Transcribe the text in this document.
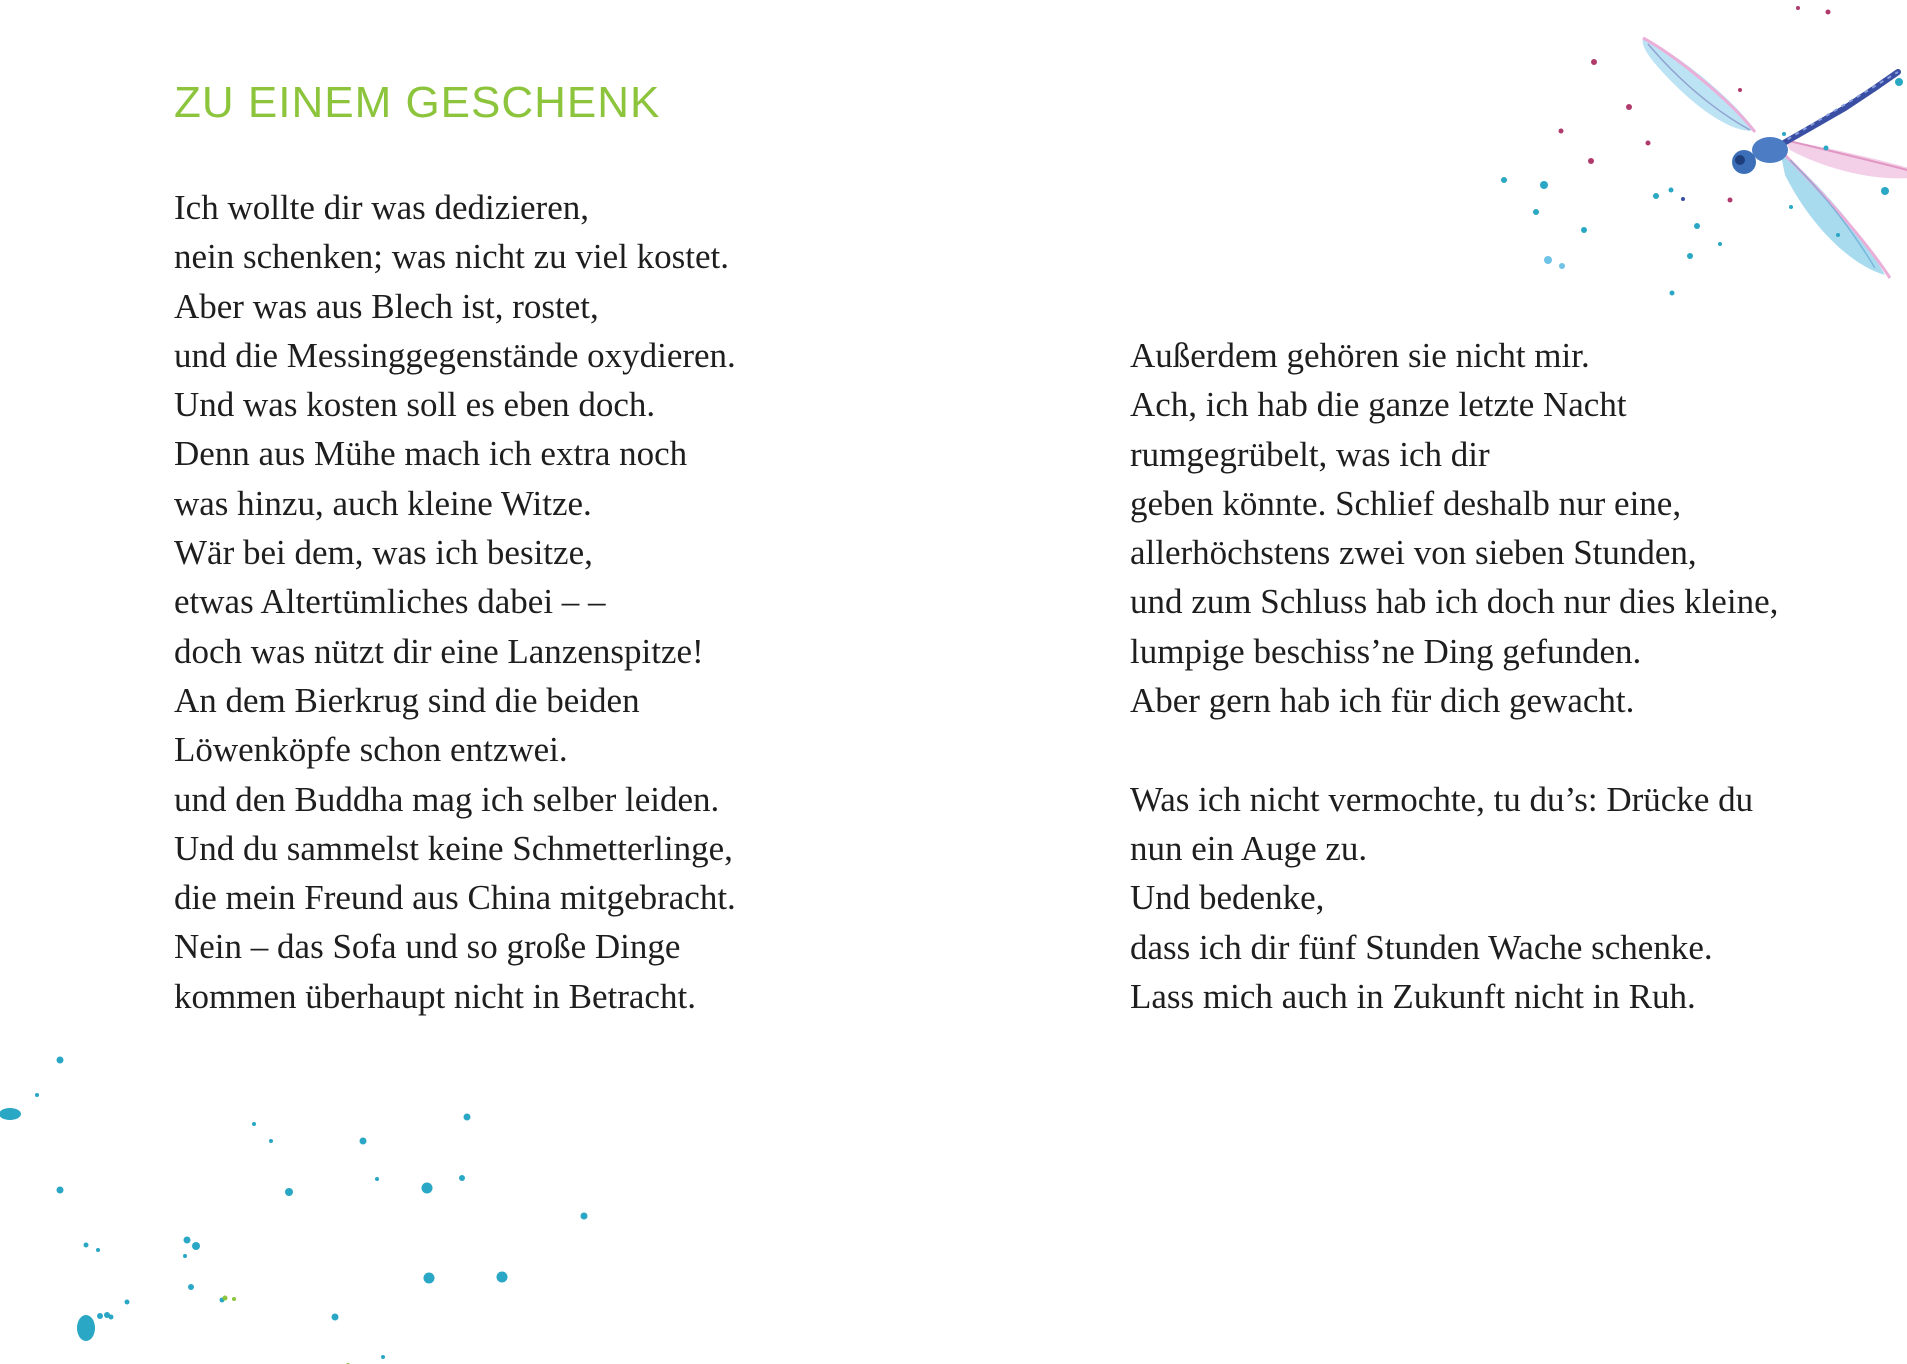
ZU EINEM GESCHENK
Ich wollte dir was dedizieren,
nein schenken; was nicht zu viel kostet.
Aber was aus Blech ist, rostet,
und die Messinggegenstände oxydieren.
Und was kosten soll es eben doch.
Denn aus Mühe mach ich extra noch
was hinzu, auch kleine Witze.
Wär bei dem, was ich besitze,
etwas Altertümliches dabei – –
doch was nützt dir eine Lanzenspitze!
An dem Bierkrug sind die beiden
Löwenköpfe schon entzwei.
und den Buddha mag ich selber leiden.
Und du sammelst keine Schmetterlinge,
die mein Freund aus China mitgebracht.
Nein – das Sofa und so große Dinge
kommen überhaupt nicht in Betracht.
Außerdem gehören sie nicht mir.
Ach, ich hab die ganze letzte Nacht
rumgegrübelt, was ich dir
geben könnte. Schlief deshalb nur eine,
allerhöchstens zwei von sieben Stunden,
und zum Schluss hab ich doch nur dies kleine,
lumpige beschiss’ne Ding gefunden.
Aber gern hab ich für dich gewacht.
Was ich nicht vermochte, tu du’s: Drücke du
nun ein Auge zu.
Und bedenke,
dass ich dir fünf Stunden Wache schenke.
Lass mich auch in Zukunft nicht in Ruh.
